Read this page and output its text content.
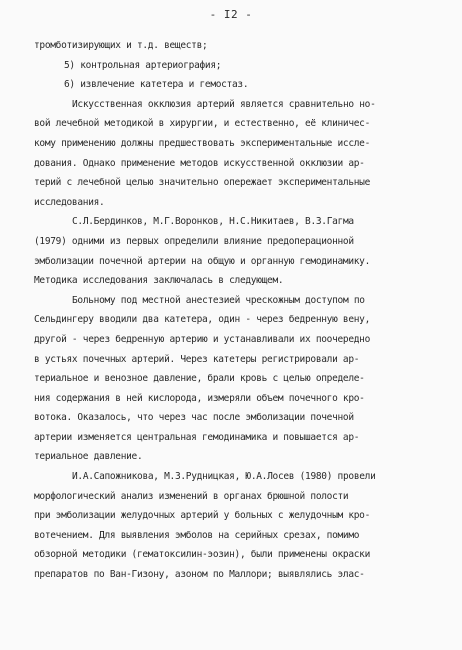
- I2 -
тромботизирующих и т.д. веществ;
5) контрольная артериография;
6) извлечение катетера и гемостаз.
Искусственная окклюзия артерий является сравнительно но-
вой лечебной методикой в хирургии, и естественно, её клиничес-
кому применению должны предшествовать экспериментальные иссле-
дования. Однако применение методов искусственной окклюзии ар-
терий с лечебной целью значительно опережает экспериментальные
исследования.
С.Л.Бердинков, М.Г.Воронков, Н.С.Никитаев, В.З.Гагма
(1979) одними из первых определили влияние предоперационной
эмболизации почечной артерии на общую и органную гемодинамику.
Методика исследования заключалась в следующем.
Больному под местной анестезией чрескожным доступом по
Сельдингеру вводили два катетера, один - через бедренную вену,
другой - через бедренную артерию и устанавливали их поочередно
в устьях почечных артерий. Через катетеры регистрировали ар-
териальное и венозное давление, брали кровь с целью определе-
ния содержания в ней кислорода, измеряли объем почечного кро-
вотока. Оказалось, что через час после эмболизации почечной
артерии изменяется центральная гемодинамика и повышается ар-
териальное давление.
И.А.Сапожникова, М.З.Рудницкая, Ю.А.Лосев (1980) провели
морфологический анализ изменений в органах брюшной полости
при эмболизации желудочных артерий у больных с желудочным кро-
вотечением. Для выявления эмболов на серийных срезах, помимо
обзорной методики (гематоксилин-эозин), были применены окраски
препаратов по Ван-Гизону, азоном по Маллори; выявлялись элас-
